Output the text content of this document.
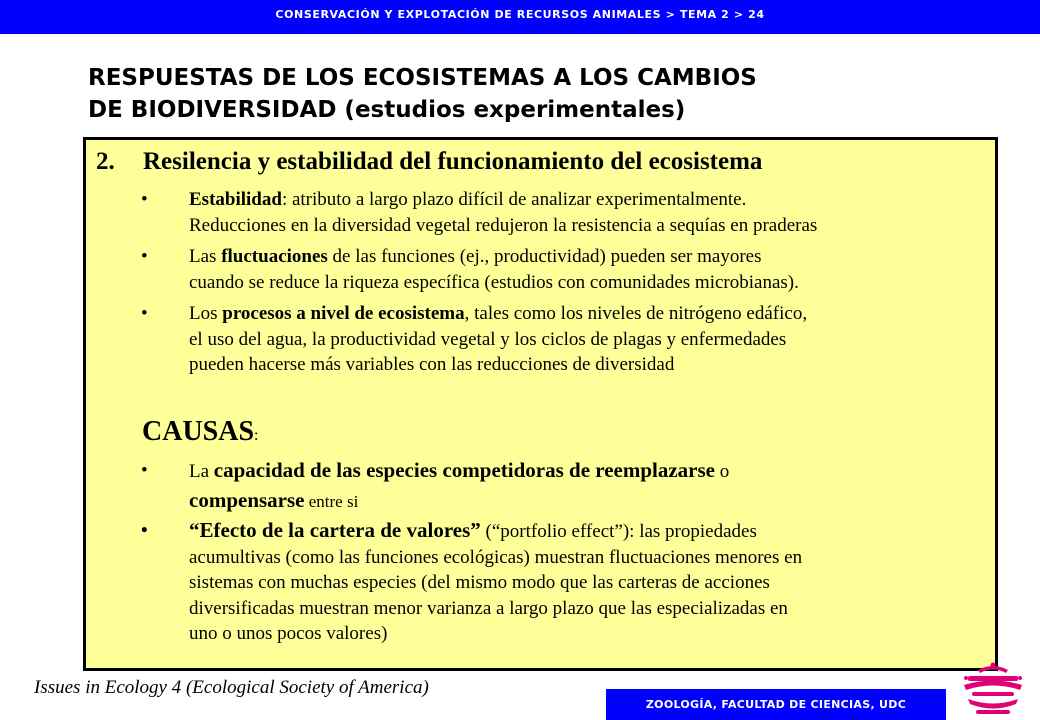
CONSERVACIÓN Y EXPLOTACIÓN DE RECURSOS ANIMALES > TEMA 2 > 24
RESPUESTAS DE LOS ECOSISTEMAS A LOS CAMBIOS
DE BIODIVERSIDAD (estudios experimentales)
2. Resilencia y estabilidad del funcionamiento del ecosistema
• Estabilidad: atributo a largo plazo difícil de analizar experimentalmente.
Reducciones en la diversidad vegetal redujeron la resistencia a sequías en praderas
• Las fluctuaciones de las funciones (ej., productividad) pueden ser mayores
cuando se reduce la riqueza específica (estudios con comunidades microbianas).
• Los procesos a nivel de ecosistema, tales como los niveles de nitrógeno edáfico,
el uso del agua, la productividad vegetal y los ciclos de plagas y enfermedades
pueden hacerse más variables con las reducciones de diversidad
CAUSAS:
• La capacidad de las especies competidoras de reemplazarse o
compensarse entre si
• “Efecto de la cartera de valores” (“portfolio effect”): las propiedades
acumultivas (como las funciones ecológicas) muestran fluctuaciones menores en
sistemas con muchas especies (del mismo modo que las carteras de acciones
diversificadas muestran menor varianza a largo plazo que las especializadas en
uno o unos pocos valores)
Issues in Ecology 4 (Ecological Society of America)
ZOOLOGÍA, FACULTAD DE CIENCIAS, UDC
